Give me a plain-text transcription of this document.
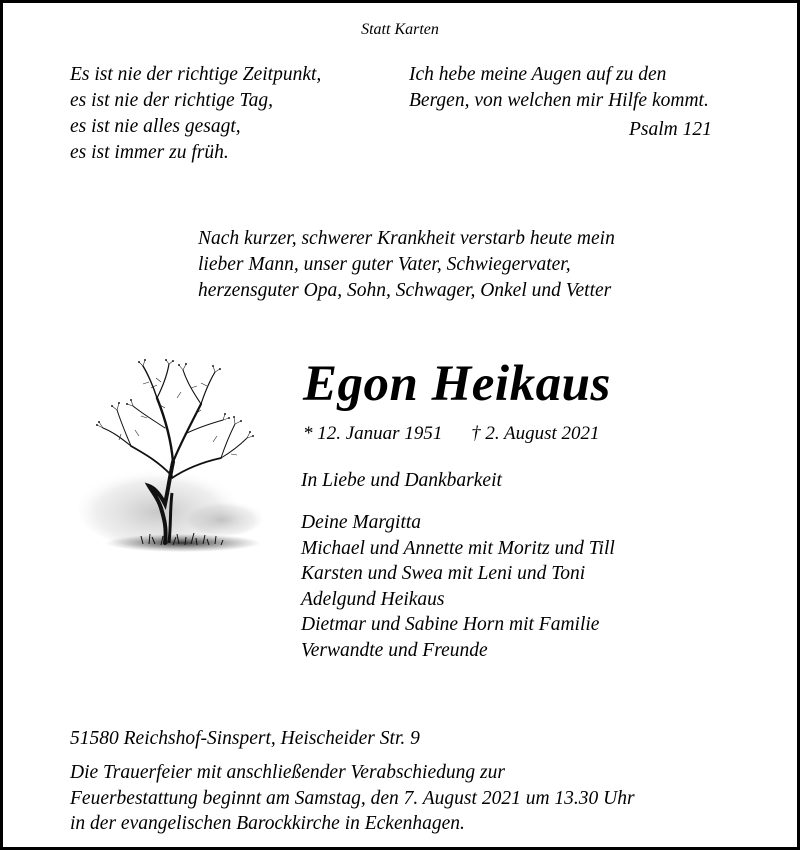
Statt Karten
Es ist nie der richtige Zeitpunkt,
es ist nie der richtige Tag,
es ist nie alles gesagt,
es ist immer zu früh.
Ich hebe meine Augen auf zu den
Bergen, von welchen mir Hilfe kommt.
Psalm 121
Nach kurzer, schwerer Krankheit verstarb heute mein
lieber Mann, unser guter Vater, Schwiegervater,
herzensguter Opa, Sohn, Schwager, Onkel und Vetter
Egon Heikaus
* 12. Januar 1951 † 2. August 2021
In Liebe und Dankbarkeit
Deine Margitta
Michael und Annette mit Moritz und Till
Karsten und Swea mit Leni und Toni
Adelgund Heikaus
Dietmar und Sabine Horn mit Familie
Verwandte und Freunde
51580 Reichshof-Sinspert, Heischeider Str. 9
Die Trauerfeier mit anschließender Verabschiedung zur
Feuerbestattung beginnt am Samstag, den 7. August 2021 um 13.30 Uhr
in der evangelischen Barockkirche in Eckenhagen.
